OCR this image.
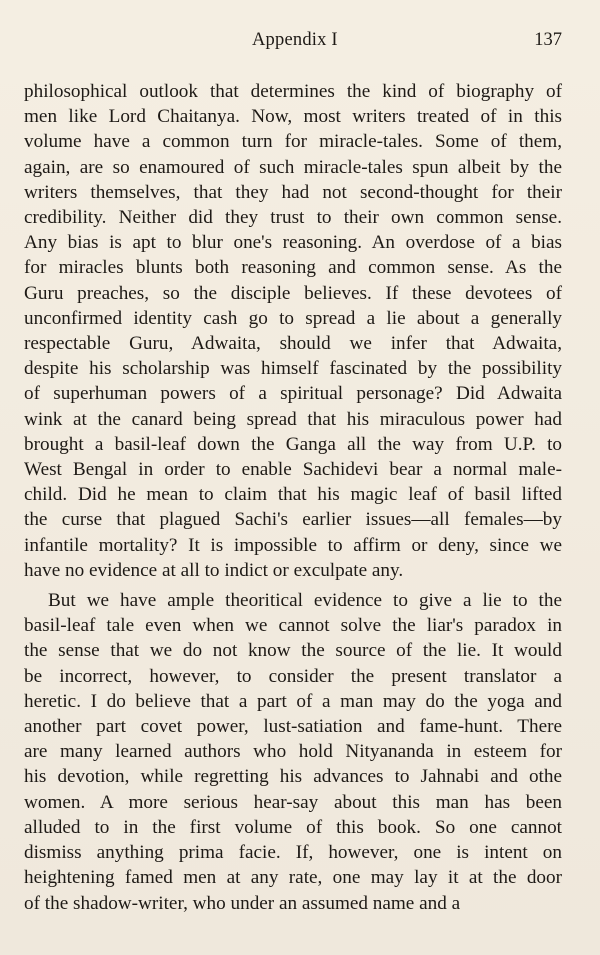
Appendix I	137

philosophical outlook that determines the kind of biography of
men like Lord Chaitanya. Now, most writers treated of in this
volume have a common turn for miracle-tales. Some of them,
again, are so enamoured of such miracle-tales spun albeit by the
writers themselves, that they had not second-thought for their
credibility. Neither did they trust to their own common sense.
Any bias is apt to blur one's reasoning. An overdose of a bias
for miracles blunts both reasoning and common sense. As the
Guru preaches, so the disciple believes. If these devotees of
unconfirmed identity cash go to spread a lie about a generally
respectable Guru, Adwaita, should we infer that Adwaita,
despite his scholarship was himself fascinated by the possibility
of superhuman powers of a spiritual personage? Did Adwaita
wink at the canard being spread that his miraculous power had
brought a basil-leaf down the Ganga all the way from U.P. to
West Bengal in order to enable Sachidevi bear a normal male-
child. Did he mean to claim that his magic leaf of basil lifted
the curse that plagued Sachi's earlier issues—all females—by
infantile mortality? It is impossible to affirm or deny, since we
have no evidence at all to indict or exculpate any.

But we have ample theoritical evidence to give a lie to the
basil-leaf tale even when we cannot solve the liar's paradox in
the sense that we do not know the source of the lie. It would
be incorrect, however, to consider the present translator a
heretic. I do believe that a part of a man may do the yoga and
another part covet power, lust-satiation and fame-hunt. There
are many learned authors who hold Nityananda in esteem for
his devotion, while regretting his advances to Jahnabi and othe
women. A more serious hear-say about this man has been
alluded to in the first volume of this book. So one cannot
dismiss anything prima facie. If, however, one is intent on
heightening famed men at any rate, one may lay it at the door
of the shadow-writer, who under an assumed name and a
